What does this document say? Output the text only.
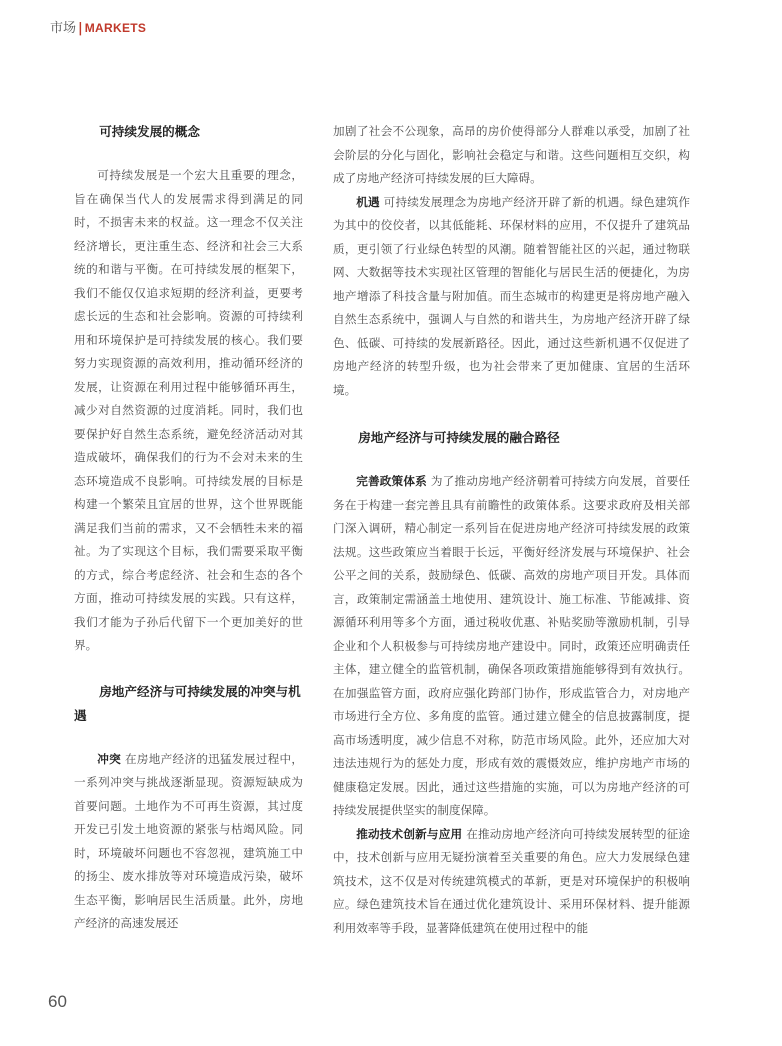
市场 | MARKETS
可持续发展的概念

可持续发展是一个宏大且重要的理念，旨在确保当代人的发展需求得到满足的同时，不损害未来的权益。这一理念不仅关注经济增长，更注重生态、经济和社会三大系统的和谐与平衡。在可持续发展的框架下，我们不能仅仅追求短期的经济利益，更要考虑长远的生态和社会影响。资源的可持续利用和环境保护是可持续发展的核心。我们要努力实现资源的高效利用，推动循环经济的发展，让资源在利用过程中能够循环再生，减少对自然资源的过度消耗。同时，我们也要保护好自然生态系统，避免经济活动对其造成破坏，确保我们的行为不会对未来的生态环境造成不良影响。可持续发展的目标是构建一个繁荣且宜居的世界，这个世界既能满足我们当前的需求，又不会牺牲未来的福祉。为了实现这个目标，我们需要采取平衡的方式，综合考虑经济、社会和生态的各个方面，推动可持续发展的实践。只有这样，我们才能为子孙后代留下一个更加美好的世界。

房地产经济与可持续发展的冲突与机遇

冲突 在房地产经济的迅猛发展过程中，一系列冲突与挑战逐渐显现。资源短缺成为首要问题。土地作为不可再生资源，其过度开发已引发土地资源的紧张与枯竭风险。同时，环境破坏问题也不容忽视，建筑施工中的扬尘、废水排放等对环境造成污染，破坏生态平衡，影响居民生活质量。此外，房地产经济的高速发展还

加剧了社会不公现象，高昂的房价使得部分人群难以承受，加剧了社会阶层的分化与固化，影响社会稳定与和谐。这些问题相互交织，构成了房地产经济可持续发展的巨大障碍。

机遇 可持续发展理念为房地产经济开辟了新的机遇。绿色建筑作为其中的佼佼者，以其低能耗、环保材料的应用，不仅提升了建筑品质，更引领了行业绿色转型的风潮。随着智能社区的兴起，通过物联网、大数据等技术实现社区管理的智能化与居民生活的便捷化，为房地产增添了科技含量与附加值。而生态城市的构建更是将房地产融入自然生态系统中，强调人与自然的和谐共生，为房地产经济开辟了绿色、低碳、可持续的发展新路径。因此，通过这些新机遇不仅促进了房地产经济的转型升级，也为社会带来了更加健康、宜居的生活环境。

房地产经济与可持续发展的融合路径

完善政策体系 为了推动房地产经济朝着可持续方向发展，首要任务在于构建一套完善且具有前瞻性的政策体系。这要求政府及相关部门深入调研，精心制定一系列旨在促进房地产经济可持续发展的政策法规。这些政策应当着眼于长远，平衡好经济发展与环境保护、社会公平之间的关系，鼓励绿色、低碳、高效的房地产项目开发。具体而言，政策制定需涵盖土地使用、建筑设计、施工标准、节能减排、资源循环利用等多个方面，通过税收优惠、补贴奖励等激励机制，引导企业和个人积极参与可持续房地产建设中。同时，政策还应明确责任主体，建立健全的监管机制，确保各项政策措施能够得到有效执行。在加强监管方面，政府应强化跨部门协作，形成监管合力，对房地产市场进行全方位、多角度的监管。通过建立健全的信息披露制度，提高市场透明度，减少信息不对称，防范市场风险。此外，还应加大对违法违规行为的惩处力度，形成有效的震慑效应，维护房地产市场的健康稳定发展。因此，通过这些措施的实施，可以为房地产经济的可持续发展提供坚实的制度保障。

推动技术创新与应用 在推动房地产经济向可持续发展转型的征途中，技术创新与应用无疑扮演着至关重要的角色。应大力发展绿色建筑技术，这不仅是对传统建筑模式的革新，更是对环境保护的积极响应。绿色建筑技术旨在通过优化建筑设计、采用环保材料、提升能源利用效率等手段，显著降低建筑在使用过程中的能

60
